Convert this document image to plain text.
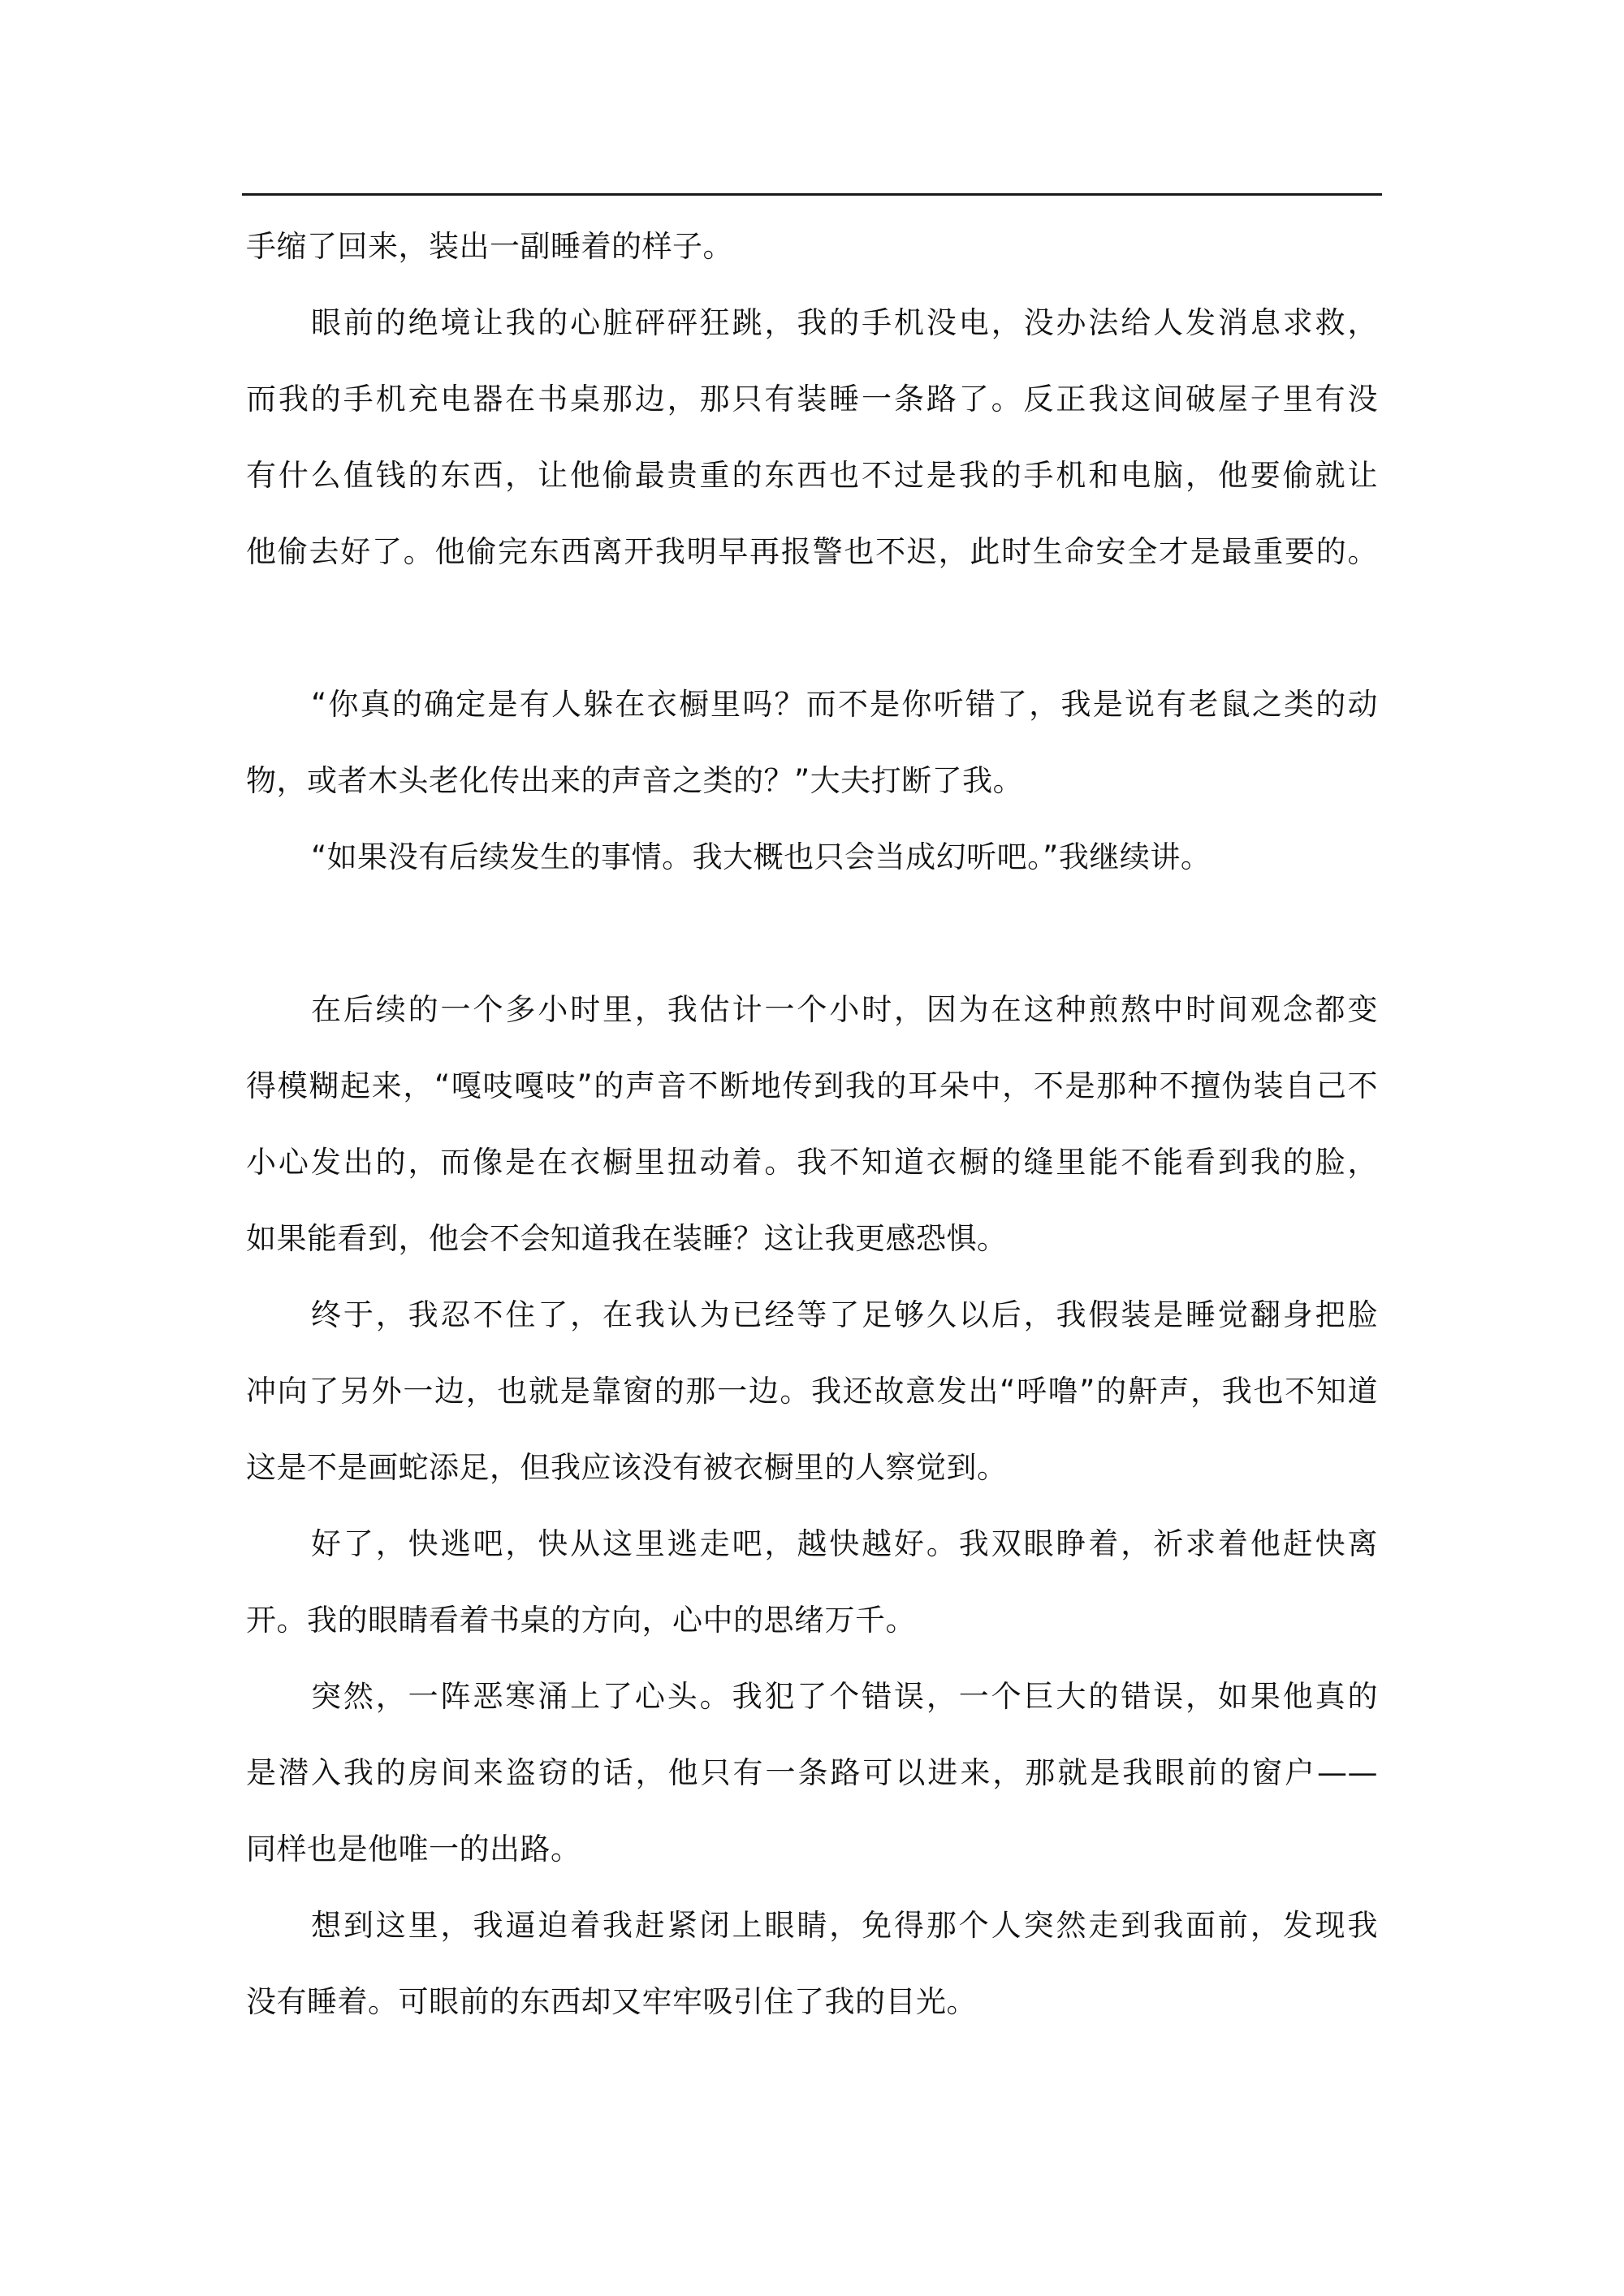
手缩了回来，装出一副睡着的样子。
眼前的绝境让我的心脏砰砰狂跳，我的手机没电，没办法给人发消息求救，
而我的手机充电器在书桌那边，那只有装睡一条路了。反正我这间破屋子里有没
有什么值钱的东西，让他偷最贵重的东西也不过是我的手机和电脑，他要偷就让
他偷去好了。他偷完东西离开我明早再报警也不迟，此时生命安全才是最重要的。
“你真的确定是有人躲在衣橱里吗？而不是你听错了，我是说有老鼠之类的动
物，或者木头老化传出来的声音之类的？”大夫打断了我。
“如果没有后续发生的事情。我大概也只会当成幻听吧。”我继续讲。
在后续的一个多小时里，我估计一个小时，因为在这种煎熬中时间观念都变
得模糊起来，“嘎吱嘎吱”的声音不断地传到我的耳朵中，不是那种不擅伪装自己不
小心发出的，而像是在衣橱里扭动着。我不知道衣橱的缝里能不能看到我的脸，
如果能看到，他会不会知道我在装睡？这让我更感恐惧。
终于，我忍不住了，在我认为已经等了足够久以后，我假装是睡觉翻身把脸
冲向了另外一边，也就是靠窗的那一边。我还故意发出“呼噜”的鼾声，我也不知道
这是不是画蛇添足，但我应该没有被衣橱里的人察觉到。
好了，快逃吧，快从这里逃走吧，越快越好。我双眼睁着，祈求着他赶快离
开。我的眼睛看着书桌的方向，心中的思绪万千。
突然，一阵恶寒涌上了心头。我犯了个错误，一个巨大的错误，如果他真的
是潜入我的房间来盗窃的话，他只有一条路可以进来，那就是我眼前的窗户——
同样也是他唯一的出路。
想到这里，我逼迫着我赶紧闭上眼睛，免得那个人突然走到我面前，发现我
没有睡着。可眼前的东西却又牢牢吸引住了我的目光。
